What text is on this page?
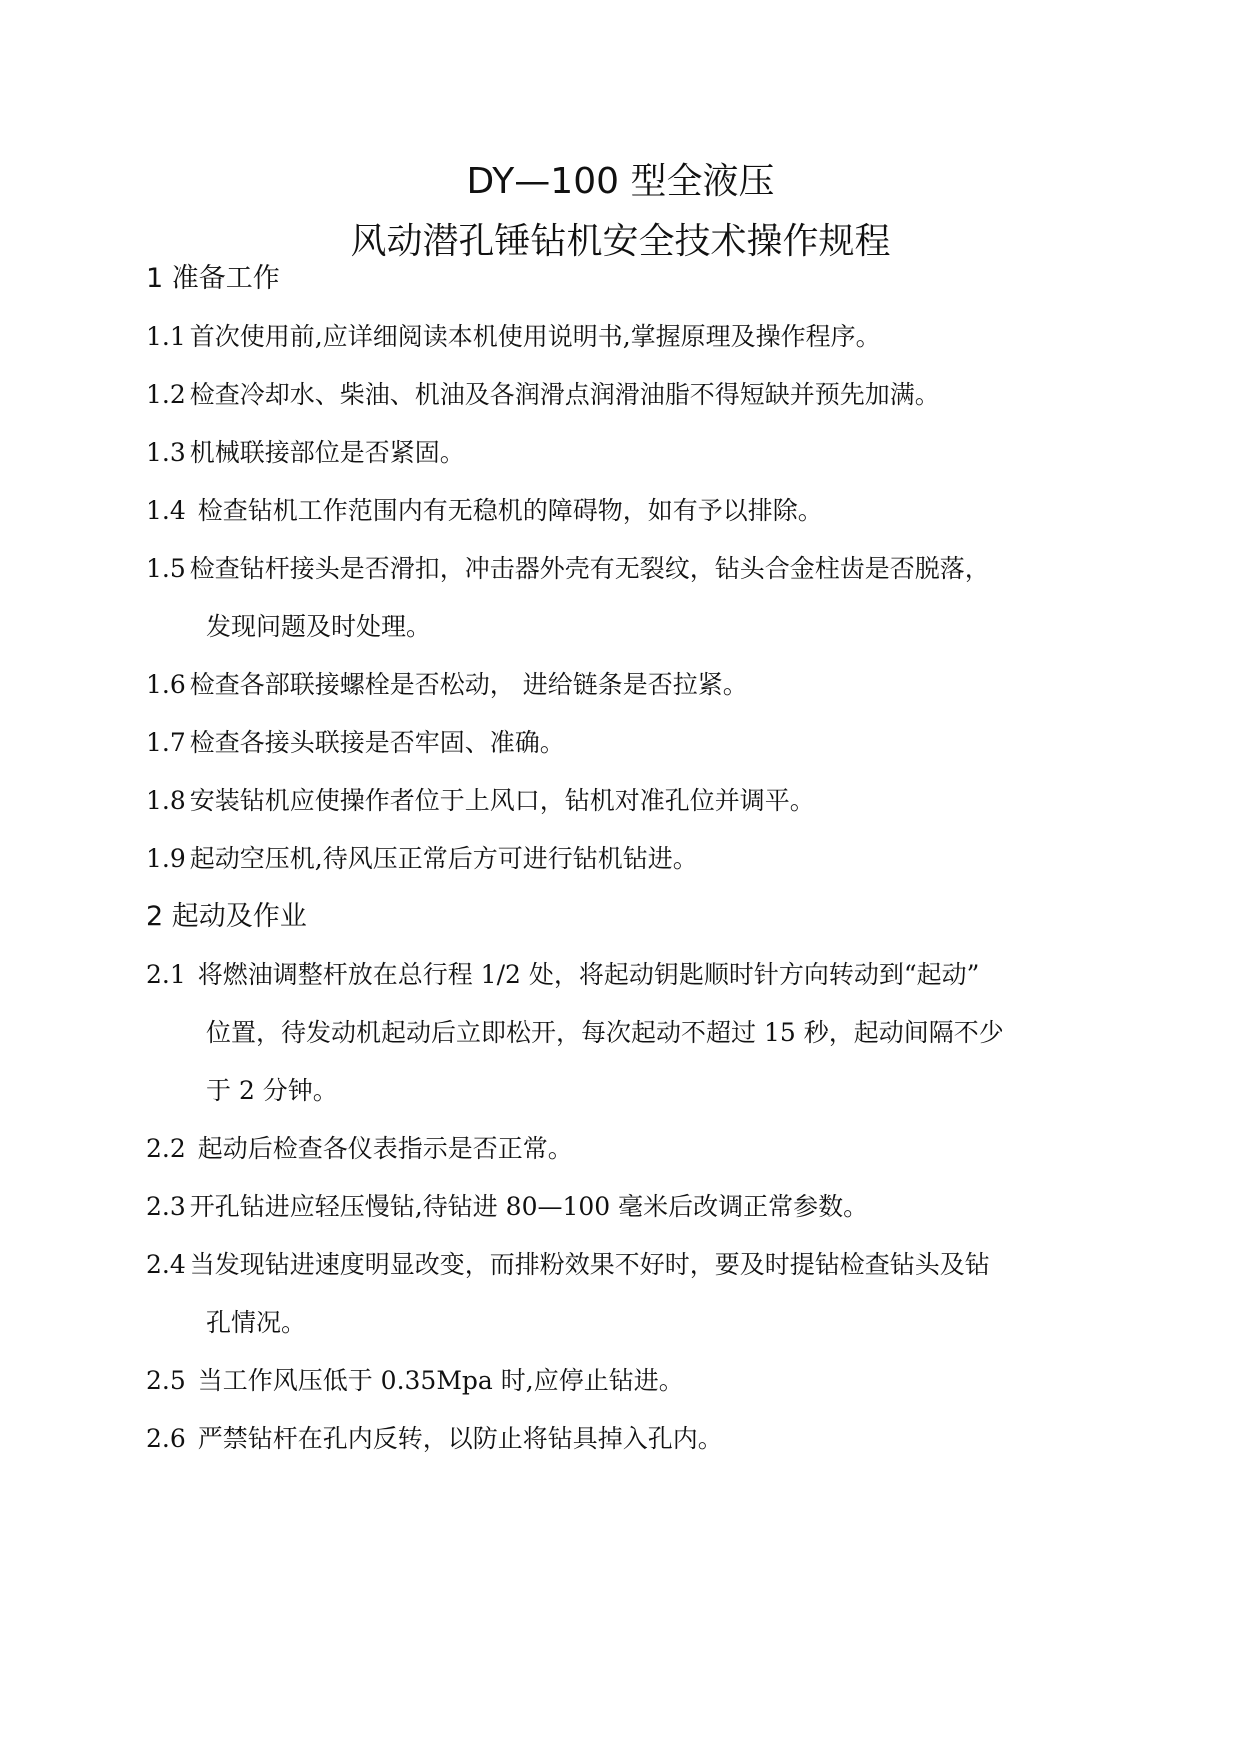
DY—100 型全液压
风动潜孔锤钻机安全技术操作规程
1 准备工作
1.1 首次使用前,应详细阅读本机使用说明书,掌握原理及操作程序。
1.2 检查冷却水、柴油、机油及各润滑点润滑油脂不得短缺并预先加满。
1.3 机械联接部位是否紧固。
1.4 检查钻机工作范围内有无稳机的障碍物，如有予以排除。
1.5 检查钻杆接头是否滑扣，冲击器外壳有无裂纹，钻头合金柱齿是否脱落，
发现问题及时处理。
1.6 检查各部联接螺栓是否松动， 进给链条是否拉紧。
1.7 检查各接头联接是否牢固、准确。
1.8 安装钻机应使操作者位于上风口，钻机对准孔位并调平。
1.9 起动空压机,待风压正常后方可进行钻机钻进。
2 起动及作业
2.1 将燃油调整杆放在总行程 1/2 处，将起动钥匙顺时针方向转动到“起动”
位置，待发动机起动后立即松开，每次起动不超过 15 秒，起动间隔不少
于 2 分钟。
2.2 起动后检查各仪表指示是否正常。
2.3 开孔钻进应轻压慢钻,待钻进 80—100 毫米后改调正常参数。
2.4 当发现钻进速度明显改变，而排粉效果不好时，要及时提钻检查钻头及钻
孔情况。
2.5 当工作风压低于 0.35Mpa 时,应停止钻进。
2.6 严禁钻杆在孔内反转，以防止将钻具掉入孔内。
